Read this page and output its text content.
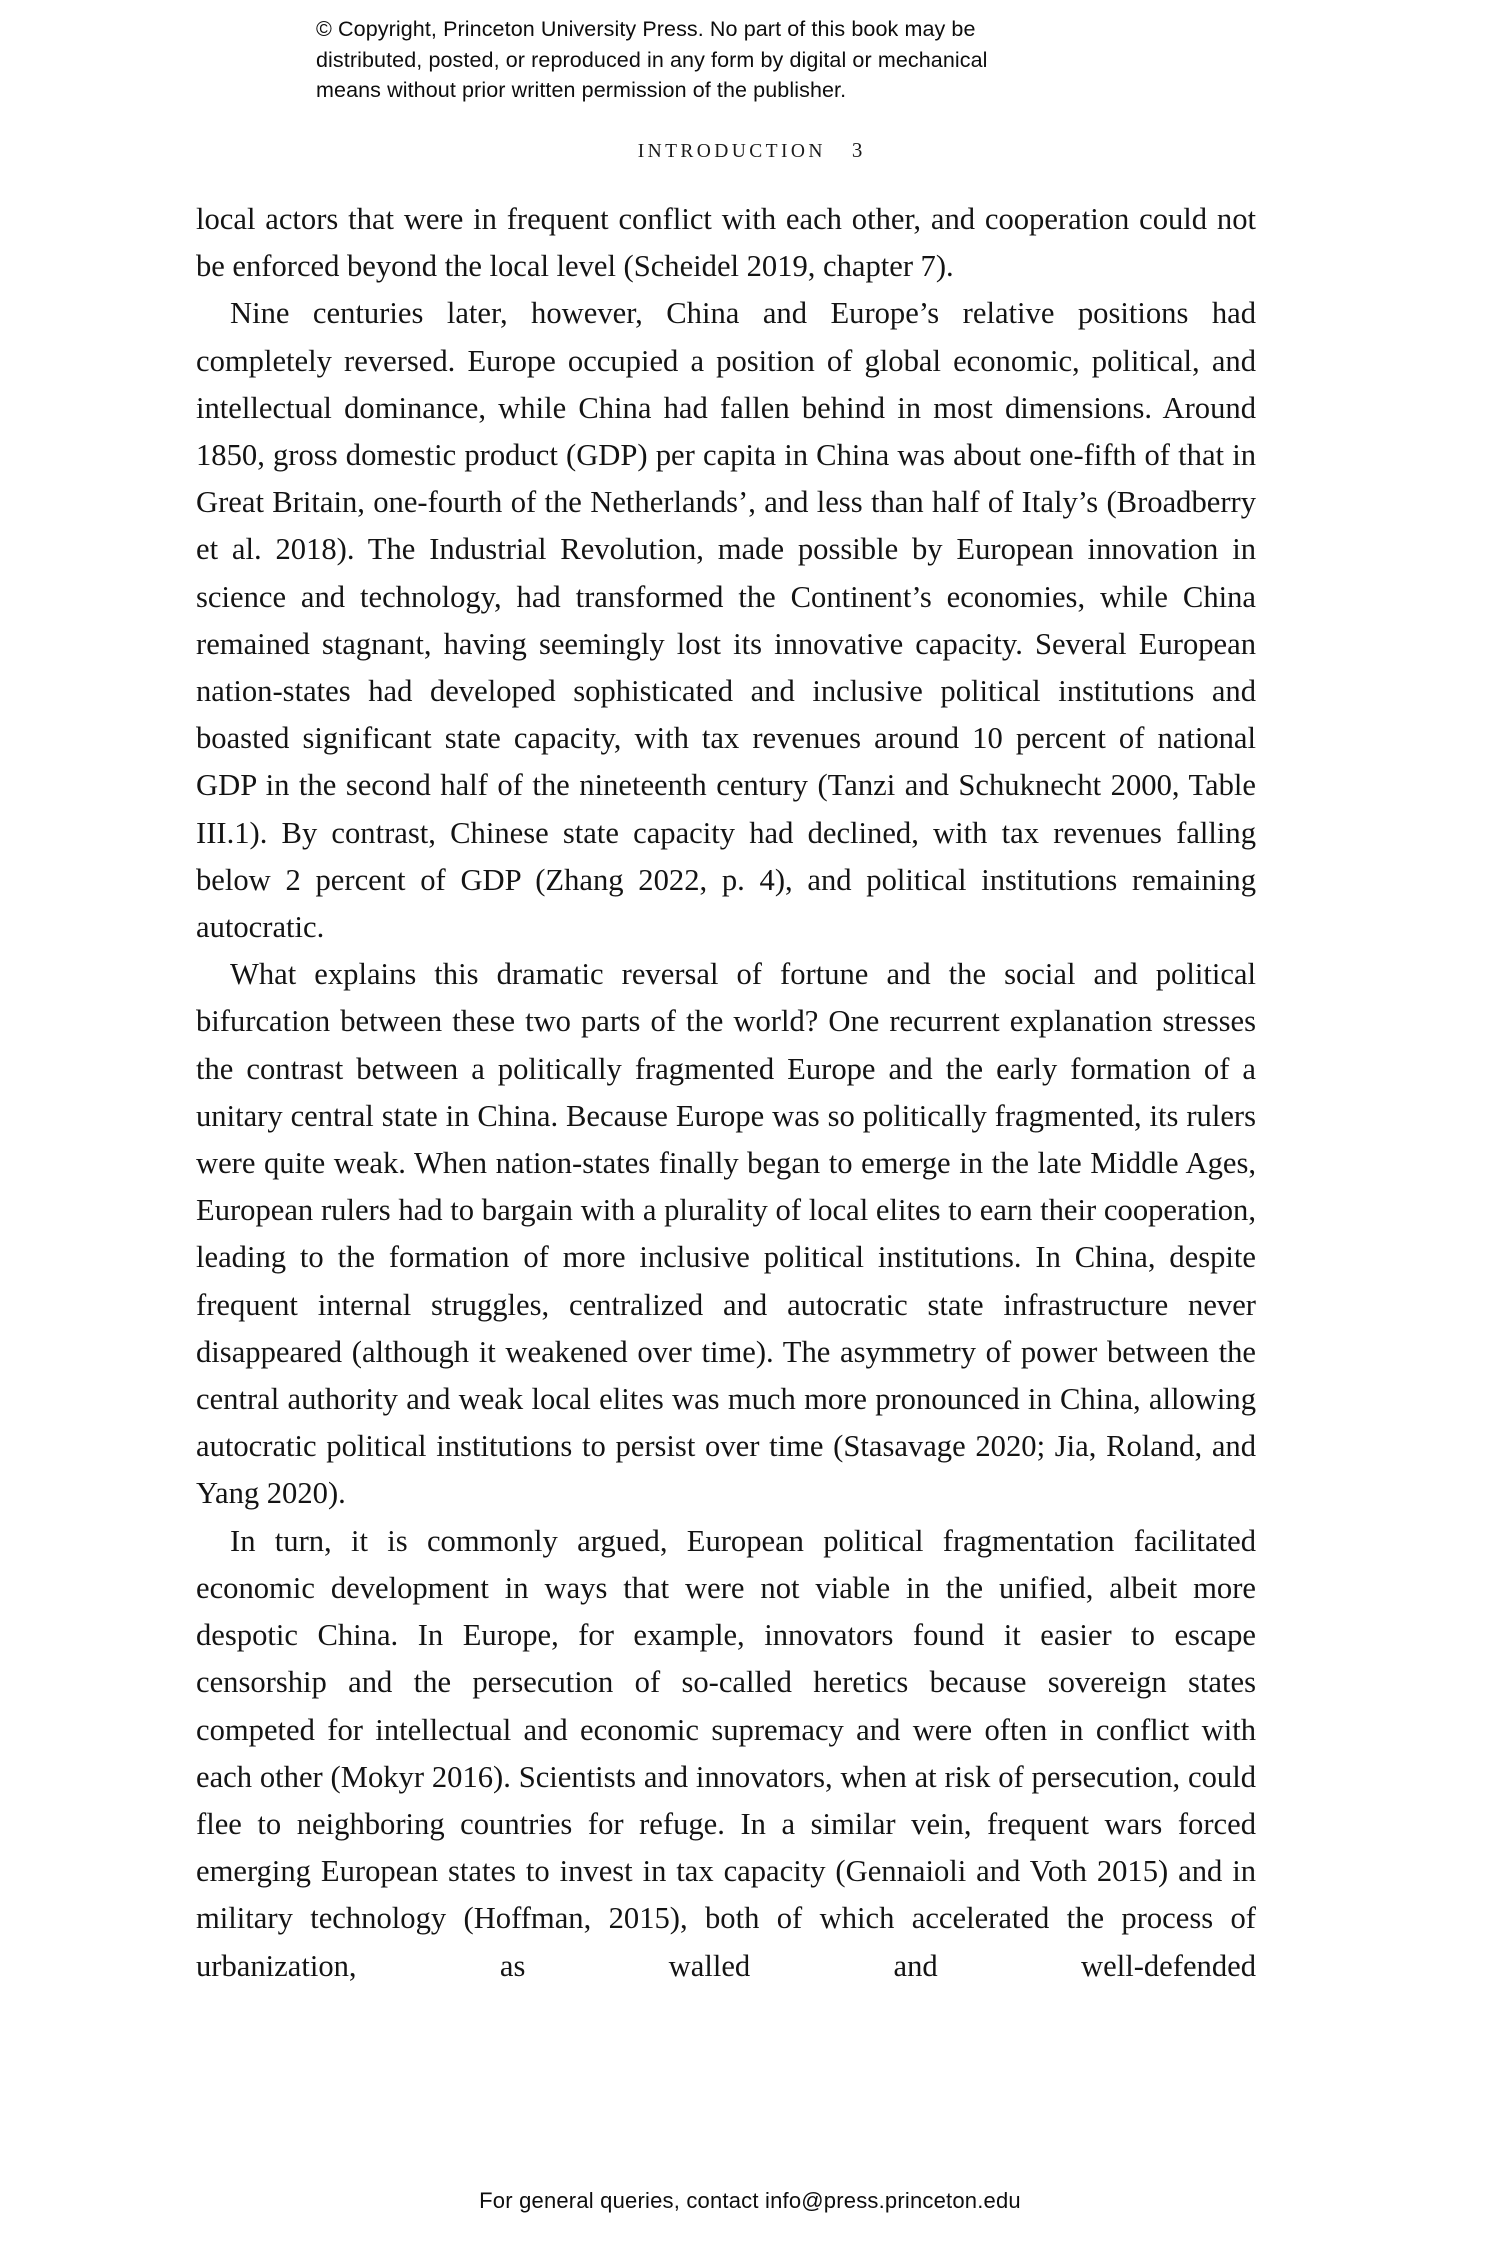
© Copyright, Princeton University Press. No part of this book may be
distributed, posted, or reproduced in any form by digital or mechanical
means without prior written permission of the publisher.
INTRODUCTION 3

local actors that were in frequent conflict with each other, and cooperation could not be enforced beyond the local level (Scheidel 2019, chapter 7).

Nine centuries later, however, China and Europe’s relative positions had completely reversed. Europe occupied a position of global economic, political, and intellectual dominance, while China had fallen behind in most dimensions. Around 1850, gross domestic product (GDP) per capita in China was about one-fifth of that in Great Britain, one-fourth of the Netherlands’, and less than half of Italy’s (Broadberry et al. 2018). The Industrial Revolution, made possible by European innovation in science and technology, had transformed the Continent’s economies, while China remained stagnant, having seemingly lost its innovative capacity. Several European nation-states had developed sophisticated and inclusive political institutions and boasted significant state capacity, with tax revenues around 10 percent of national GDP in the second half of the nineteenth century (Tanzi and Schuknecht 2000, Table III.1). By contrast, Chinese state capacity had declined, with tax revenues falling below 2 percent of GDP (Zhang 2022, p. 4), and political institutions remaining autocratic.

What explains this dramatic reversal of fortune and the social and political bifurcation between these two parts of the world? One recurrent explanation stresses the contrast between a politically fragmented Europe and the early formation of a unitary central state in China. Because Europe was so politically fragmented, its rulers were quite weak. When nation-states finally began to emerge in the late Middle Ages, European rulers had to bargain with a plurality of local elites to earn their cooperation, leading to the formation of more inclusive political institutions. In China, despite frequent internal struggles, centralized and autocratic state infrastructure never disappeared (although it weakened over time). The asymmetry of power between the central authority and weak local elites was much more pronounced in China, allowing autocratic political institutions to persist over time (Stasavage 2020; Jia, Roland, and Yang 2020).

In turn, it is commonly argued, European political fragmentation facilitated economic development in ways that were not viable in the unified, albeit more despotic China. In Europe, for example, innovators found it easier to escape censorship and the persecution of so-called heretics because sovereign states competed for intellectual and economic supremacy and were often in conflict with each other (Mokyr 2016). Scientists and innovators, when at risk of persecution, could flee to neighboring countries for refuge. In a similar vein, frequent wars forced emerging European states to invest in tax capacity (Gennaioli and Voth 2015) and in military technology (Hoffman, 2015), both of which accelerated the process of urbanization, as walled and well-defended

For general queries, contact info@press.princeton.edu
